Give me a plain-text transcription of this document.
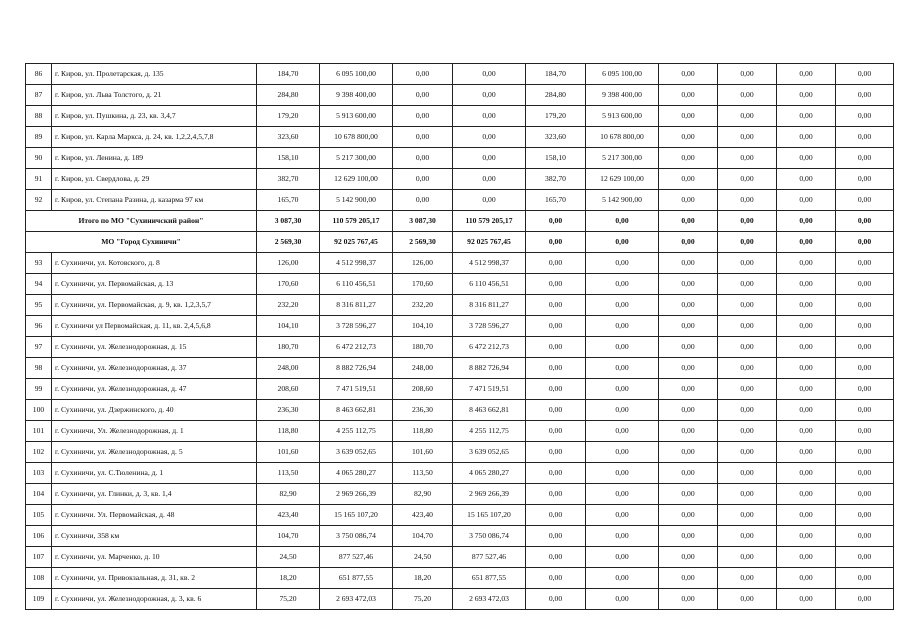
86	г. Киров, ул. Пролетарская, д. 135	184,70	6 095 100,00	0,00	0,00	184,70	6 095 100,00	0,00	0,00	0,00	0,00
87	г. Киров, ул. Льва Толстого, д. 21	284,80	9 398 400,00	0,00	0,00	284,80	9 398 400,00	0,00	0,00	0,00	0,00
88	г. Киров, ул. Пушкина, д. 23, кв. 3,4,7	179,20	5 913 600,00	0,00	0,00	179,20	5 913 600,00	0,00	0,00	0,00	0,00
89	г. Киров, ул. Карла Маркса, д. 24, кв. 1,2,2,4,5,7,8	323,60	10 678 800,00	0,00	0,00	323,60	10 678 800,00	0,00	0,00	0,00	0,00
90	г. Киров, ул. Ленина, д. 189	158,10	5 217 300,00	0,00	0,00	158,10	5 217 300,00	0,00	0,00	0,00	0,00
91	г. Киров, ул. Свердлова, д. 29	382,70	12 629 100,00	0,00	0,00	382,70	12 629 100,00	0,00	0,00	0,00	0,00
92	г. Киров, ул. Степана Разина, д. казарма 97 км	165,70	5 142 900,00	0,00	0,00	165,70	5 142 900,00	0,00	0,00	0,00	0,00
Итого по МО "Сухиничский район"		3 087,30	110 579 205,17	3 087,30	110 579 205,17	0,00	0,00	0,00	0,00	0,00	0,00
МО "Город Сухиничи"		2 569,30	92 025 767,45	2 569,30	92 025 767,45	0,00	0,00	0,00	0,00	0,00	0,00
93	г. Сухиничи, ул. Котовского, д. 8	126,00	4 512 998,37	126,00	4 512 998,37	0,00	0,00	0,00	0,00	0,00	0,00
94	г. Сухиничи, ул. Первомайская, д. 13	170,60	6 110 456,51	170,60	6 110 456,51	0,00	0,00	0,00	0,00	0,00	0,00
95	г. Сухиничи, ул. Первомайская, д. 9, кв. 1,2,3,5,7	232,20	8 316 811,27	232,20	8 316 811,27	0,00	0,00	0,00	0,00	0,00	0,00
96	г. Сухиничи ул Первомайская, д. 11, кв. 2,4,5,6,8	104,10	3 728 596,27	104,10	3 728 596,27	0,00	0,00	0,00	0,00	0,00	0,00
97	г. Сухиничи, ул. Железнодорожная, д. 15	180,70	6 472 212,73	180,70	6 472 212,73	0,00	0,00	0,00	0,00	0,00	0,00
98	г. Сухиничи, ул. Железнодорожная, д. 37	248,00	8 882 726,94	248,00	8 882 726,94	0,00	0,00	0,00	0,00	0,00	0,00
99	г. Сухиничи, ул. Железнодорожная, д. 47	208,60	7 471 519,51	208,60	7 471 519,51	0,00	0,00	0,00	0,00	0,00	0,00
100	г. Сухиничи, ул. Дзержинского, д. 40	236,30	8 463 662,81	236,30	8 463 662,81	0,00	0,00	0,00	0,00	0,00	0,00
101	г. Сухиничи, Ул. Железнодорожная, д. 1	118,80	4 255 112,75	118,80	4 255 112,75	0,00	0,00	0,00	0,00	0,00	0,00
102	г. Сухиничи, ул. Железнодорожная, д. 5	101,60	3 639 052,65	101,60	3 639 052,65	0,00	0,00	0,00	0,00	0,00	0,00
103	г. Сухиничи, ул. С.Тюленина, д. 1	113,50	4 065 280,27	113,50	4 065 280,27	0,00	0,00	0,00	0,00	0,00	0,00
104	г. Сухиничи, ул. Глинки, д. 3, кв. 1,4	82,90	2 969 266,39	82,90	2 969 266,39	0,00	0,00	0,00	0,00	0,00	0,00
105	г. Сухиничи. Ул. Первомайская, д. 48	423,40	15 165 107,20	423,40	15 165 107,20	0,00	0,00	0,00	0,00	0,00	0,00
106	г. Сухиничи, 358 км	104,70	3 750 086,74	104,70	3 750 086,74	0,00	0,00	0,00	0,00	0,00	0,00
107	г. Сухиничи, ул. Марченко, д. 10	24,50	877 527,46	24,50	877 527,46	0,00	0,00	0,00	0,00	0,00	0,00
108	г. Сухиничи, ул. Привокзальная, д. 31, кв. 2	18,20	651 877,55	18,20	651 877,55	0,00	0,00	0,00	0,00	0,00	0,00
109	г. Сухиничи, ул. Железнодорожная, д. 3, кв. 6	75,20	2 693 472,03	75,20	2 693 472,03	0,00	0,00	0,00	0,00	0,00	0,00
